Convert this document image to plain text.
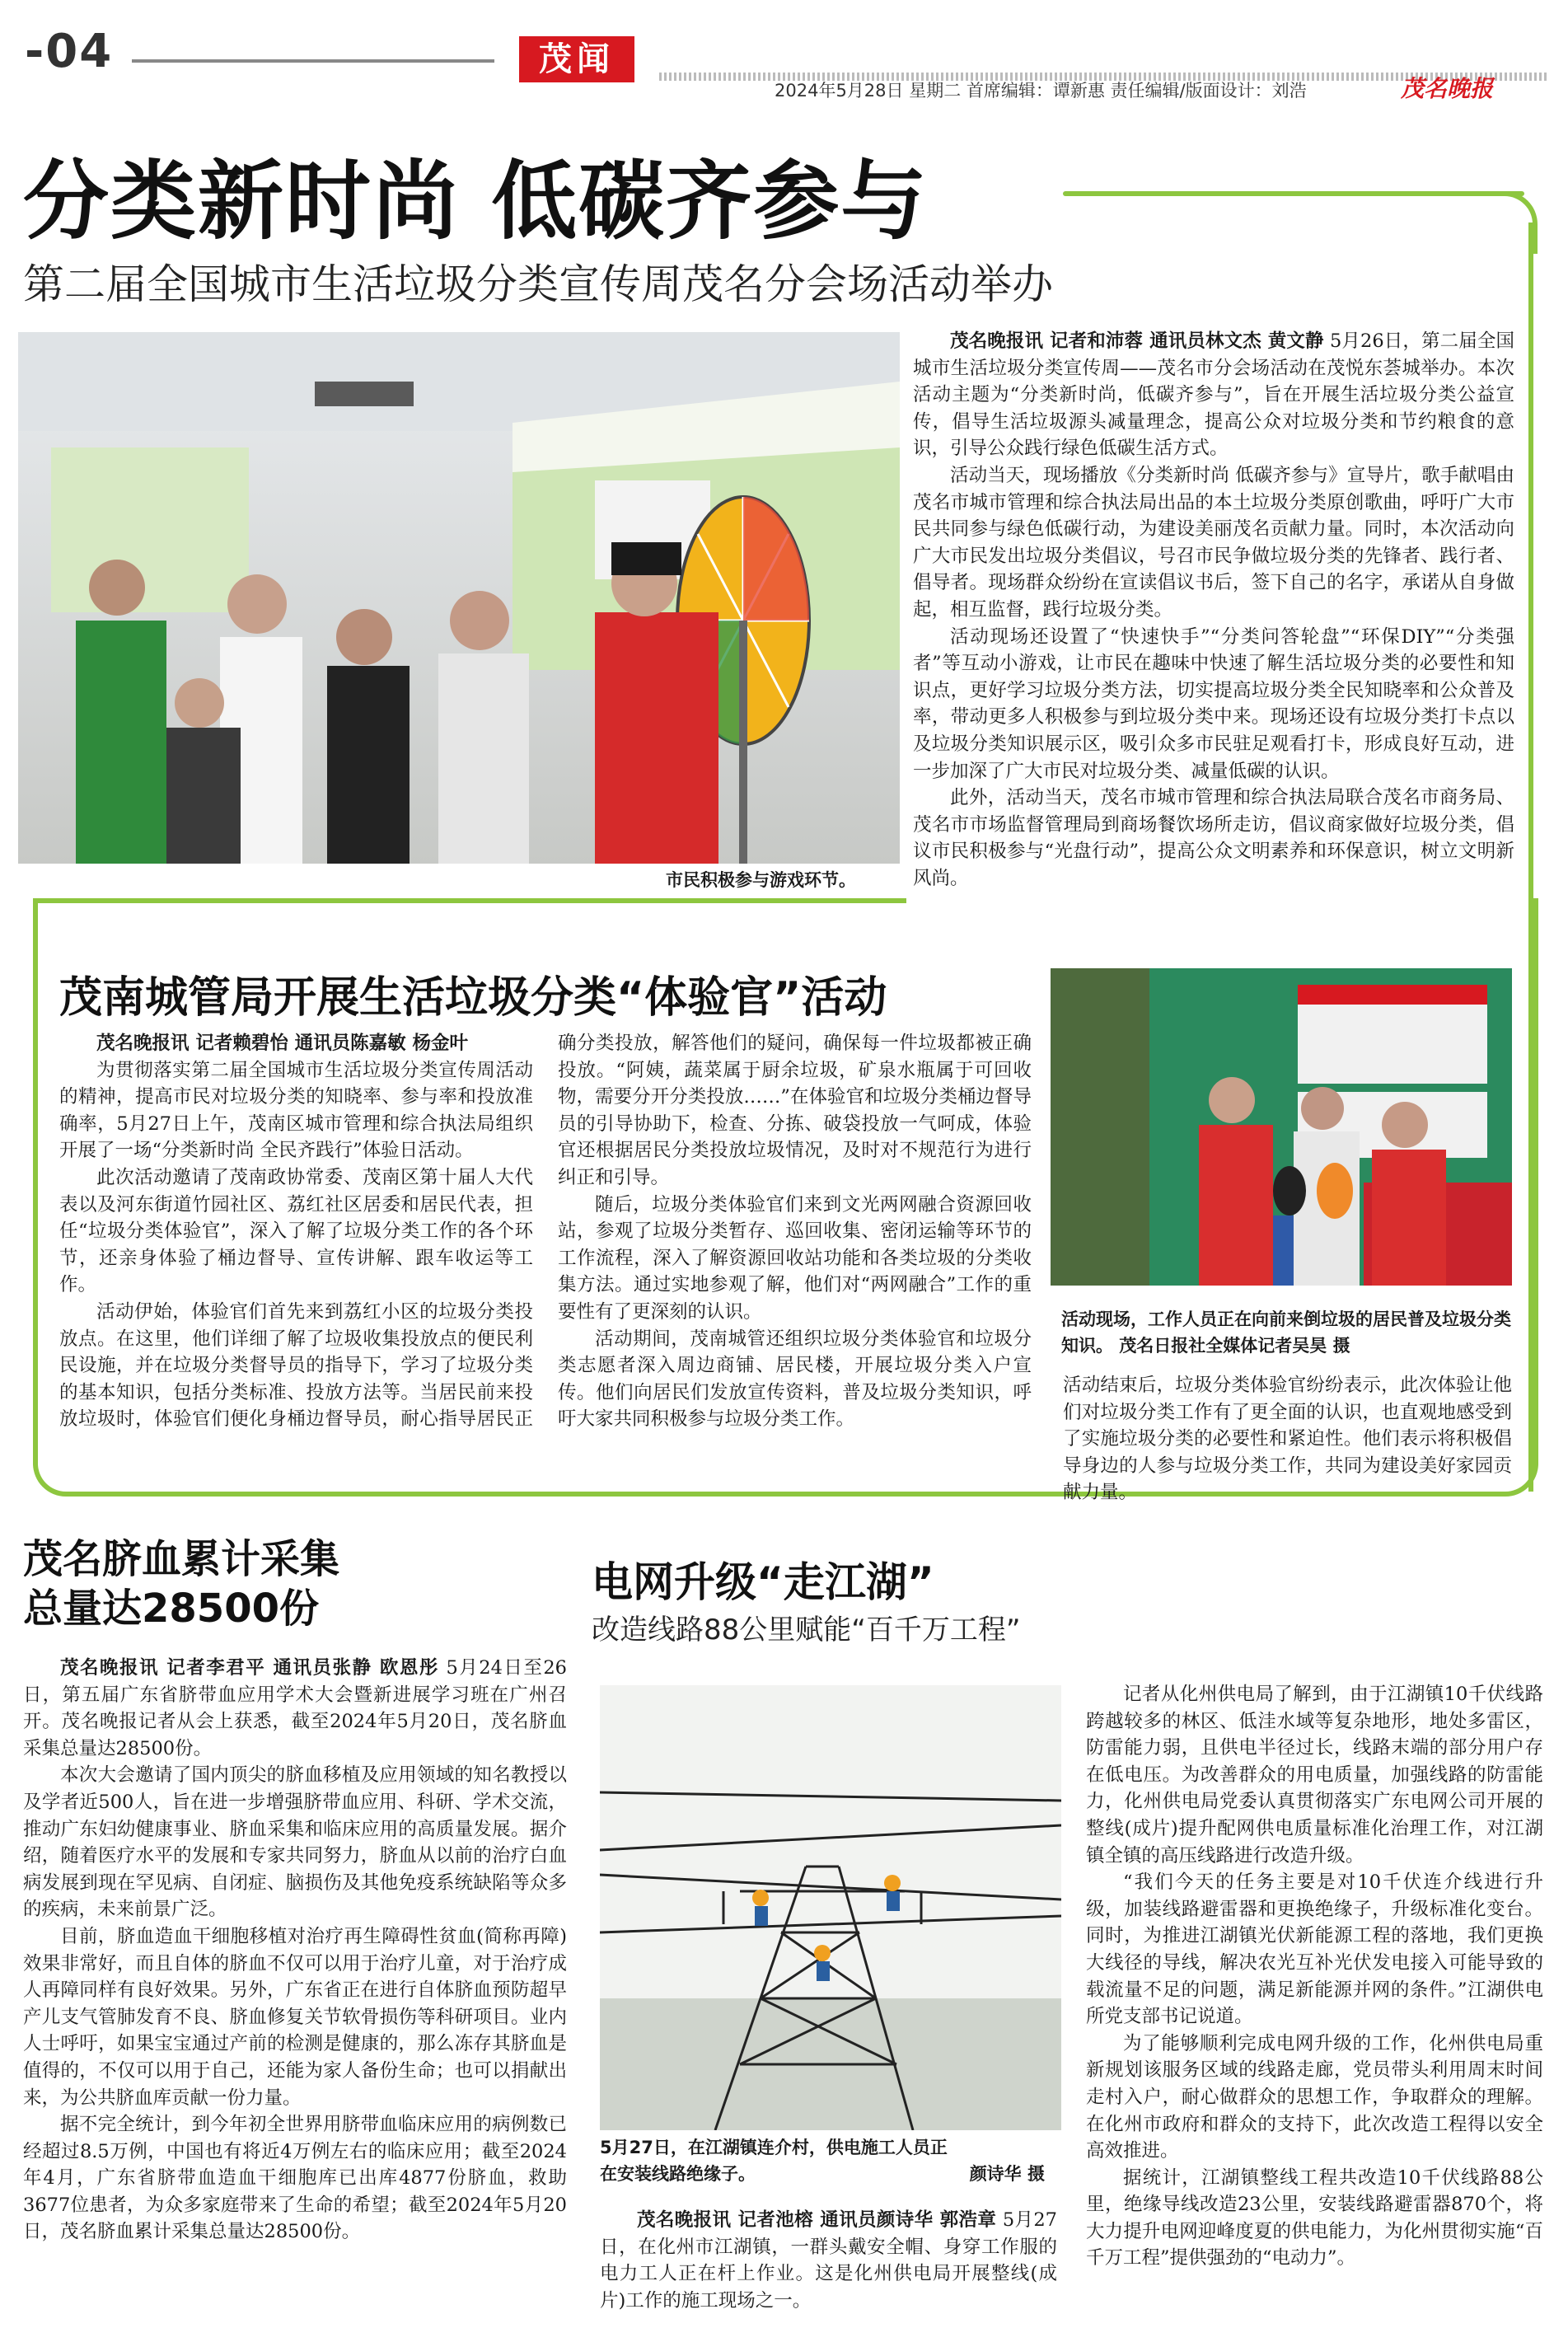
-04	茂闻
2024年5月28日 星期二 首席编辑：谭新惠 责任编辑/版面设计：刘浩	茂名晚报
分类新时尚 低碳齐参与
第二届全国城市生活垃圾分类宣传周茂名分会场活动举办
市民积极参与游戏环节。

茂名晚报讯 记者和沛蓉 通讯员林文杰 黄文静 5月26日，第二届全国城市生活垃圾分类宣传周——茂名市分会场活动在茂悦东荟城举办。本次活动主题为“分类新时尚，低碳齐参与”，旨在开展生活垃圾分类公益宣传，倡导生活垃圾源头减量理念，提高公众对垃圾分类和节约粮食的意识，引导公众践行绿色低碳生活方式。

活动当天，现场播放《分类新时尚 低碳齐参与》宣导片，歌手献唱由茂名市城市管理和综合执法局出品的本土垃圾分类原创歌曲，呼吁广大市民共同参与绿色低碳行动，为建设美丽茂名贡献力量。同时，本次活动向广大市民发出垃圾分类倡议，号召市民争做垃圾分类的先锋者、践行者、倡导者。现场群众纷纷在宣读倡议书后，签下自己的名字，承诺从自身做起，相互监督，践行垃圾分类。

活动现场还设置了“快速快手”“分类问答轮盘”“环保DIY”“分类强者”等互动小游戏，让市民在趣味中快速了解生活垃圾分类的必要性和知识点，更好学习垃圾分类方法，切实提高垃圾分类全民知晓率和公众普及率，带动更多人积极参与到垃圾分类中来。现场还设有垃圾分类打卡点以及垃圾分类知识展示区，吸引众多市民驻足观看打卡，形成良好互动，进一步加深了广大市民对垃圾分类、减量低碳的认识。

此外，活动当天，茂名市城市管理和综合执法局联合茂名市商务局、茂名市市场监督管理局到商场餐饮场所走访，倡议商家做好垃圾分类，倡议市民积极参与“光盘行动”，提高公众文明素养和环保意识，树立文明新风尚。

茂南城管局开展生活垃圾分类“体验官”活动

茂名晚报讯 记者赖碧怡 通讯员陈嘉敏 杨金叶

为贯彻落实第二届全国城市生活垃圾分类宣传周活动的精神，提高市民对垃圾分类的知晓率、参与率和投放准确率，5月27日上午，茂南区城市管理和综合执法局组织开展了一场“分类新时尚 全民齐践行”体验日活动。

此次活动邀请了茂南政协常委、茂南区第十届人大代表以及河东街道竹园社区、荔红社区居委和居民代表，担任“垃圾分类体验官”，深入了解了垃圾分类工作的各个环节，还亲身体验了桶边督导、宣传讲解、跟车收运等工作。

活动伊始，体验官们首先来到荔红小区的垃圾分类投放点。在这里，他们详细了解了垃圾收集投放点的便民利民设施，并在垃圾分类督导员的指导下，学习了垃圾分类的基本知识，包括分类标准、投放方法等。当居民前来投放垃圾时，体验官们便化身桶边督导员，耐心指导居民正确分类投放，解答他们的疑问，确保每一件垃圾都被正确投放。“阿姨，蔬菜属于厨余垃圾，矿泉水瓶属于可回收物，需要分开分类投放……”在体验官和垃圾分类桶边督导员的引导协助下，检查、分拣、破袋投放一气呵成，体验官还根据居民分类投放垃圾情况，及时对不规范行为进行纠正和引导。

随后，垃圾分类体验官们来到文光两网融合资源回收站，参观了垃圾分类暂存、巡回收集、密闭运输等环节的工作流程，深入了解资源回收站功能和各类垃圾的分类收集方法。通过实地参观了解，他们对“两网融合”工作的重要性有了更深刻的认识。

活动期间，茂南城管还组织垃圾分类体验官和垃圾分类志愿者深入周边商铺、居民楼，开展垃圾分类入户宣传。他们向居民们发放宣传资料，普及垃圾分类知识，呼吁大家共同积极参与垃圾分类工作。

活动现场，工作人员正在向前来倒垃圾的居民普及垃圾分类知识。 茂名日报社全媒体记者吴昊 摄

活动结束后，垃圾分类体验官纷纷表示，此次体验让他们对垃圾分类工作有了更全面的认识，也直观地感受到了实施垃圾分类的必要性和紧迫性。他们表示将积极倡导身边的人参与垃圾分类工作，共同为建设美好家园贡献力量。

茂名脐血累计采集
总量达28500份

茂名晚报讯 记者李君平 通讯员张静 欧恩彤 5月24日至26日，第五届广东省脐带血应用学术大会暨新进展学习班在广州召开。茂名晚报记者从会上获悉，截至2024年5月20日，茂名脐血采集总量达28500份。

本次大会邀请了国内顶尖的脐血移植及应用领域的知名教授以及学者近500人，旨在进一步增强脐带血应用、科研、学术交流，推动广东妇幼健康事业、脐血采集和临床应用的高质量发展。据介绍，随着医疗水平的发展和专家共同努力，脐血从以前的治疗白血病发展到现在罕见病、自闭症、脑损伤及其他免疫系统缺陷等众多的疾病，未来前景广泛。

目前，脐血造血干细胞移植对治疗再生障碍性贫血(简称再障)效果非常好，而且自体的脐血不仅可以用于治疗儿童，对于治疗成人再障同样有良好效果。另外，广东省正在进行自体脐血预防超早产儿支气管肺发育不良、脐血修复关节软骨损伤等科研项目。业内人士呼吁，如果宝宝通过产前的检测是健康的，那么冻存其脐血是值得的，不仅可以用于自己，还能为家人备份生命；也可以捐献出来，为公共脐血库贡献一份力量。

据不完全统计，到今年初全世界用脐带血临床应用的病例数已经超过8.5万例，中国也有将近4万例左右的临床应用；截至2024年4月，广东省脐带血造血干细胞库已出库4877份脐血，救助3677位患者，为众多家庭带来了生命的希望；截至2024年5月20日，茂名脐血累计采集总量达28500份。

电网升级“走江湖”
改造线路88公里赋能“百千万工程”
5月27日，在江湖镇连介村，供电施工人员正
在安装线路绝缘子。	颜诗华 摄

茂名晚报讯 记者池榕 通讯员颜诗华 郭浩章 5月27日，在化州市江湖镇，一群头戴安全帽、身穿工作服的电力工人正在杆上作业。这是化州供电局开展整线(成片)工作的施工现场之一。

记者从化州供电局了解到，由于江湖镇10千伏线路跨越较多的林区、低洼水域等复杂地形，地处多雷区，防雷能力弱，且供电半径过长，线路末端的部分用户存在低电压。为改善群众的用电质量，加强线路的防雷能力，化州供电局党委认真贯彻落实广东电网公司开展的整线(成片)提升配网供电质量标准化治理工作，对江湖镇全镇的高压线路进行改造升级。

“我们今天的任务主要是对10千伏连介线进行升级，加装线路避雷器和更换绝缘子，升级标准化变台。同时，为推进江湖镇光伏新能源工程的落地，我们更换大线径的导线，解决农光互补光伏发电接入可能导致的载流量不足的问题，满足新能源并网的条件。”江湖供电所党支部书记说道。

为了能够顺利完成电网升级的工作，化州供电局重新规划该服务区域的线路走廊，党员带头利用周末时间走村入户，耐心做群众的思想工作，争取群众的理解。在化州市政府和群众的支持下，此次改造工程得以安全高效推进。

据统计，江湖镇整线工程共改造10千伏线路88公里，绝缘导线改造23公里，安装线路避雷器870个，将大力提升电网迎峰度夏的供电能力，为化州贯彻实施“百千万工程”提供强劲的“电动力”。
